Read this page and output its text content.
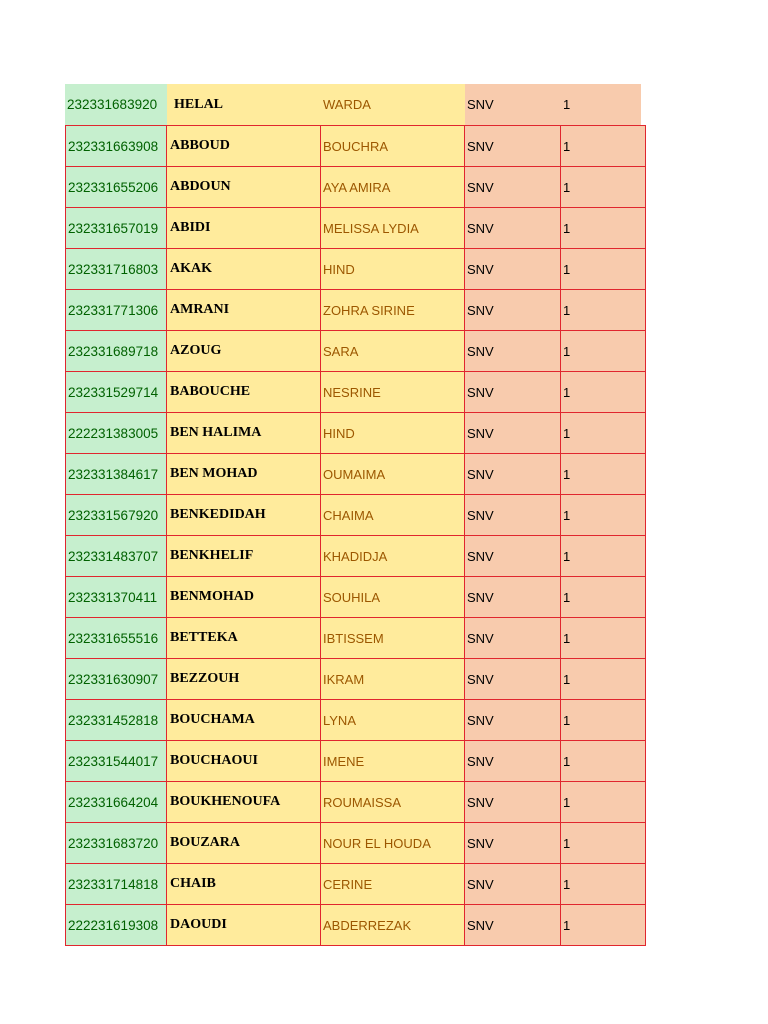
232331683920	HELAL	WARDA	SNV	1
232331663908 ABBOUD	BOUCHRA	SNV	1
232331655206 ABDOUN	AYA AMIRA	SNV	1
232331657019 ABIDI	MELISSA LYDIA	SNV	1
232331716803 AKAK	HIND	SNV	1
232331771306 AMRANI	ZOHRA SIRINE	SNV	1
232331689718 AZOUG	SARA	SNV	1
232331529714 BABOUCHE	NESRINE	SNV	1
222231383005 BEN HALIMA	HIND	SNV	1
232331384617 BEN MOHAD	OUMAIMA	SNV	1
232331567920 BENKEDIDAH	CHAIMA	SNV	1
232331483707 BENKHELIF	KHADIDJA	SNV	1
232331370411 BENMOHAD	SOUHILA	SNV	1
232331655516 BETTEKA	IBTISSEM	SNV	1
232331630907 BEZZOUH	IKRAM	SNV	1
232331452818 BOUCHAMA	LYNA	SNV	1
232331544017 BOUCHAOUI	IMENE	SNV	1
232331664204 BOUKHENOUFA	ROUMAISSA	SNV	1
232331683720 BOUZARA	NOUR EL HOUDA	SNV	1
232331714818 CHAIB	CERINE	SNV	1
222231619308 DAOUDI	ABDERREZAK	SNV	1
